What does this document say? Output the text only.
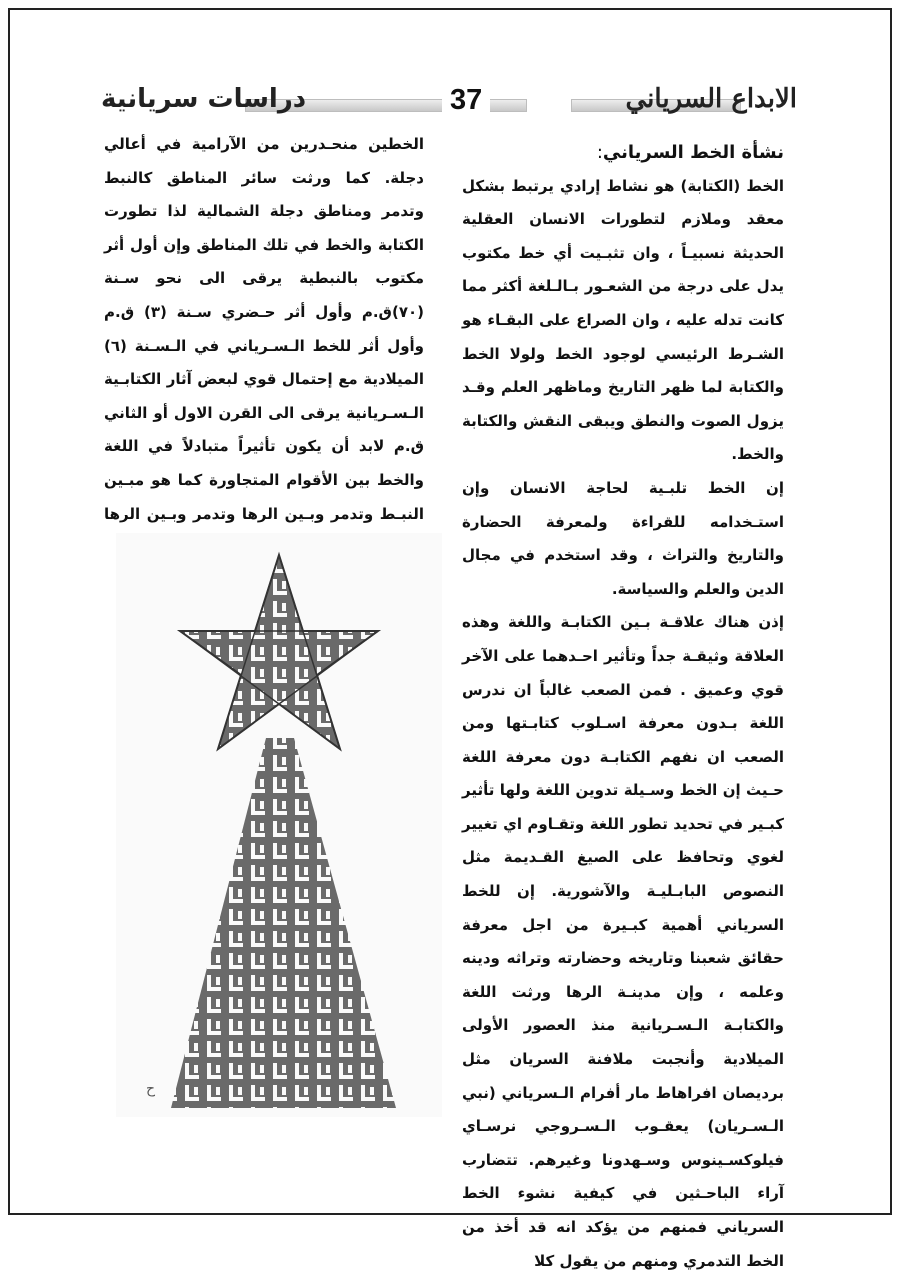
دراسات سريانية	37	الابداع السرياني
نشأة الخط السرياني:

الخط (الكتابة) هو نشاط إرادي يرتبط بشكل معقد وملازم لتطورات الانسان العقلية الحديثة نسبيـاً ، وان تثبـيت أي خط مكتوب يدل على درجة من الشعـور بـالـلغة أكثر مما كانت تدله عليه ، وان الصراع على البقـاء هو الشـرط الرئيسي لوجود الخط ولولا الخط والكتابة لما ظهر التاريخ وماظهر العلم وقـد يزول الصوت والنطق ويبقى النقش والكتابة والخط.

إن الخط تلبـية لحاجة الانسان وإن استـخدامه للقراءة ولمعرفة الحضارة والتاريخ والتراث ، وقد استخدم في مجال الدين والعلم والسياسة.

إذن هناك علاقـة بـين الكتابـة واللغة وهذه العلاقة وثيقـة جداً وتأثير احـدهما على الآخر قوي وعميق . فمن الصعب غالباً ان ندرس اللغة بـدون معرفة اسـلوب كتابـتها ومن الصعب ان نفهم الكتابـة دون معرفة اللغة حـيث إن الخط وسـيلة تدوين اللغة ولها تأثير كبـير في تحديد تطور اللغة وتقـاوم اي تغيير لغوي وتحافظ على الصيغ القـديمة مثل النصوص البابـليـة والآشورية. إن للخط السرياني أهمية كبـيرة من اجل معرفة حقائق شعبنا وتاريخه وحضارته وتراثه ودينه وعلمه ، وإن مدينـة الرها ورثت اللغة والكتابـة الـسـريانية منذ العصور الأولى الميلادية وأنجبت ملافنة السريان مثل برديصان افراهاط مار أفرام الـسرياني (نبي الـسـريان) يعقـوب الـسـروجي نرسـاي فيلوكسـينوس وسـهدونا وغيرهم. تتضارب آراء الباحـثين في كيفية نشوء الخط السرياني فمنهم من يؤكد انه قد أخذ من الخط التدمري ومنهم من يقول كلا

الخطين منحـدرين من الآرامية في أعالي دجلة. كما ورثت سائر المناطق كالنبط وتدمر ومناطق دجلة الشمالية لذا تطورت الكتابة والخط في تلك المناطق وإن أول أثر مكتوب بالنبطية يرقى الى نحو سـنة (٧٠)ق.م وأول أثر حـضري سـنة (٣) ق.م وأول أثر للخط الـسـرياني في الـسـنة (٦) الميلادية مع إحتمال قوي لبعض آثار الكتابـية الـسـريانية يرقى الى القرن الاول أو الثاني ق.م لابد أن يكون تأثيراً متبادلاً في اللغة والخط بين الأقوام المتجاورة كما هو مبـين النبـط وتدمر وبـين الرها وتدمر وبـين الرها

ح
